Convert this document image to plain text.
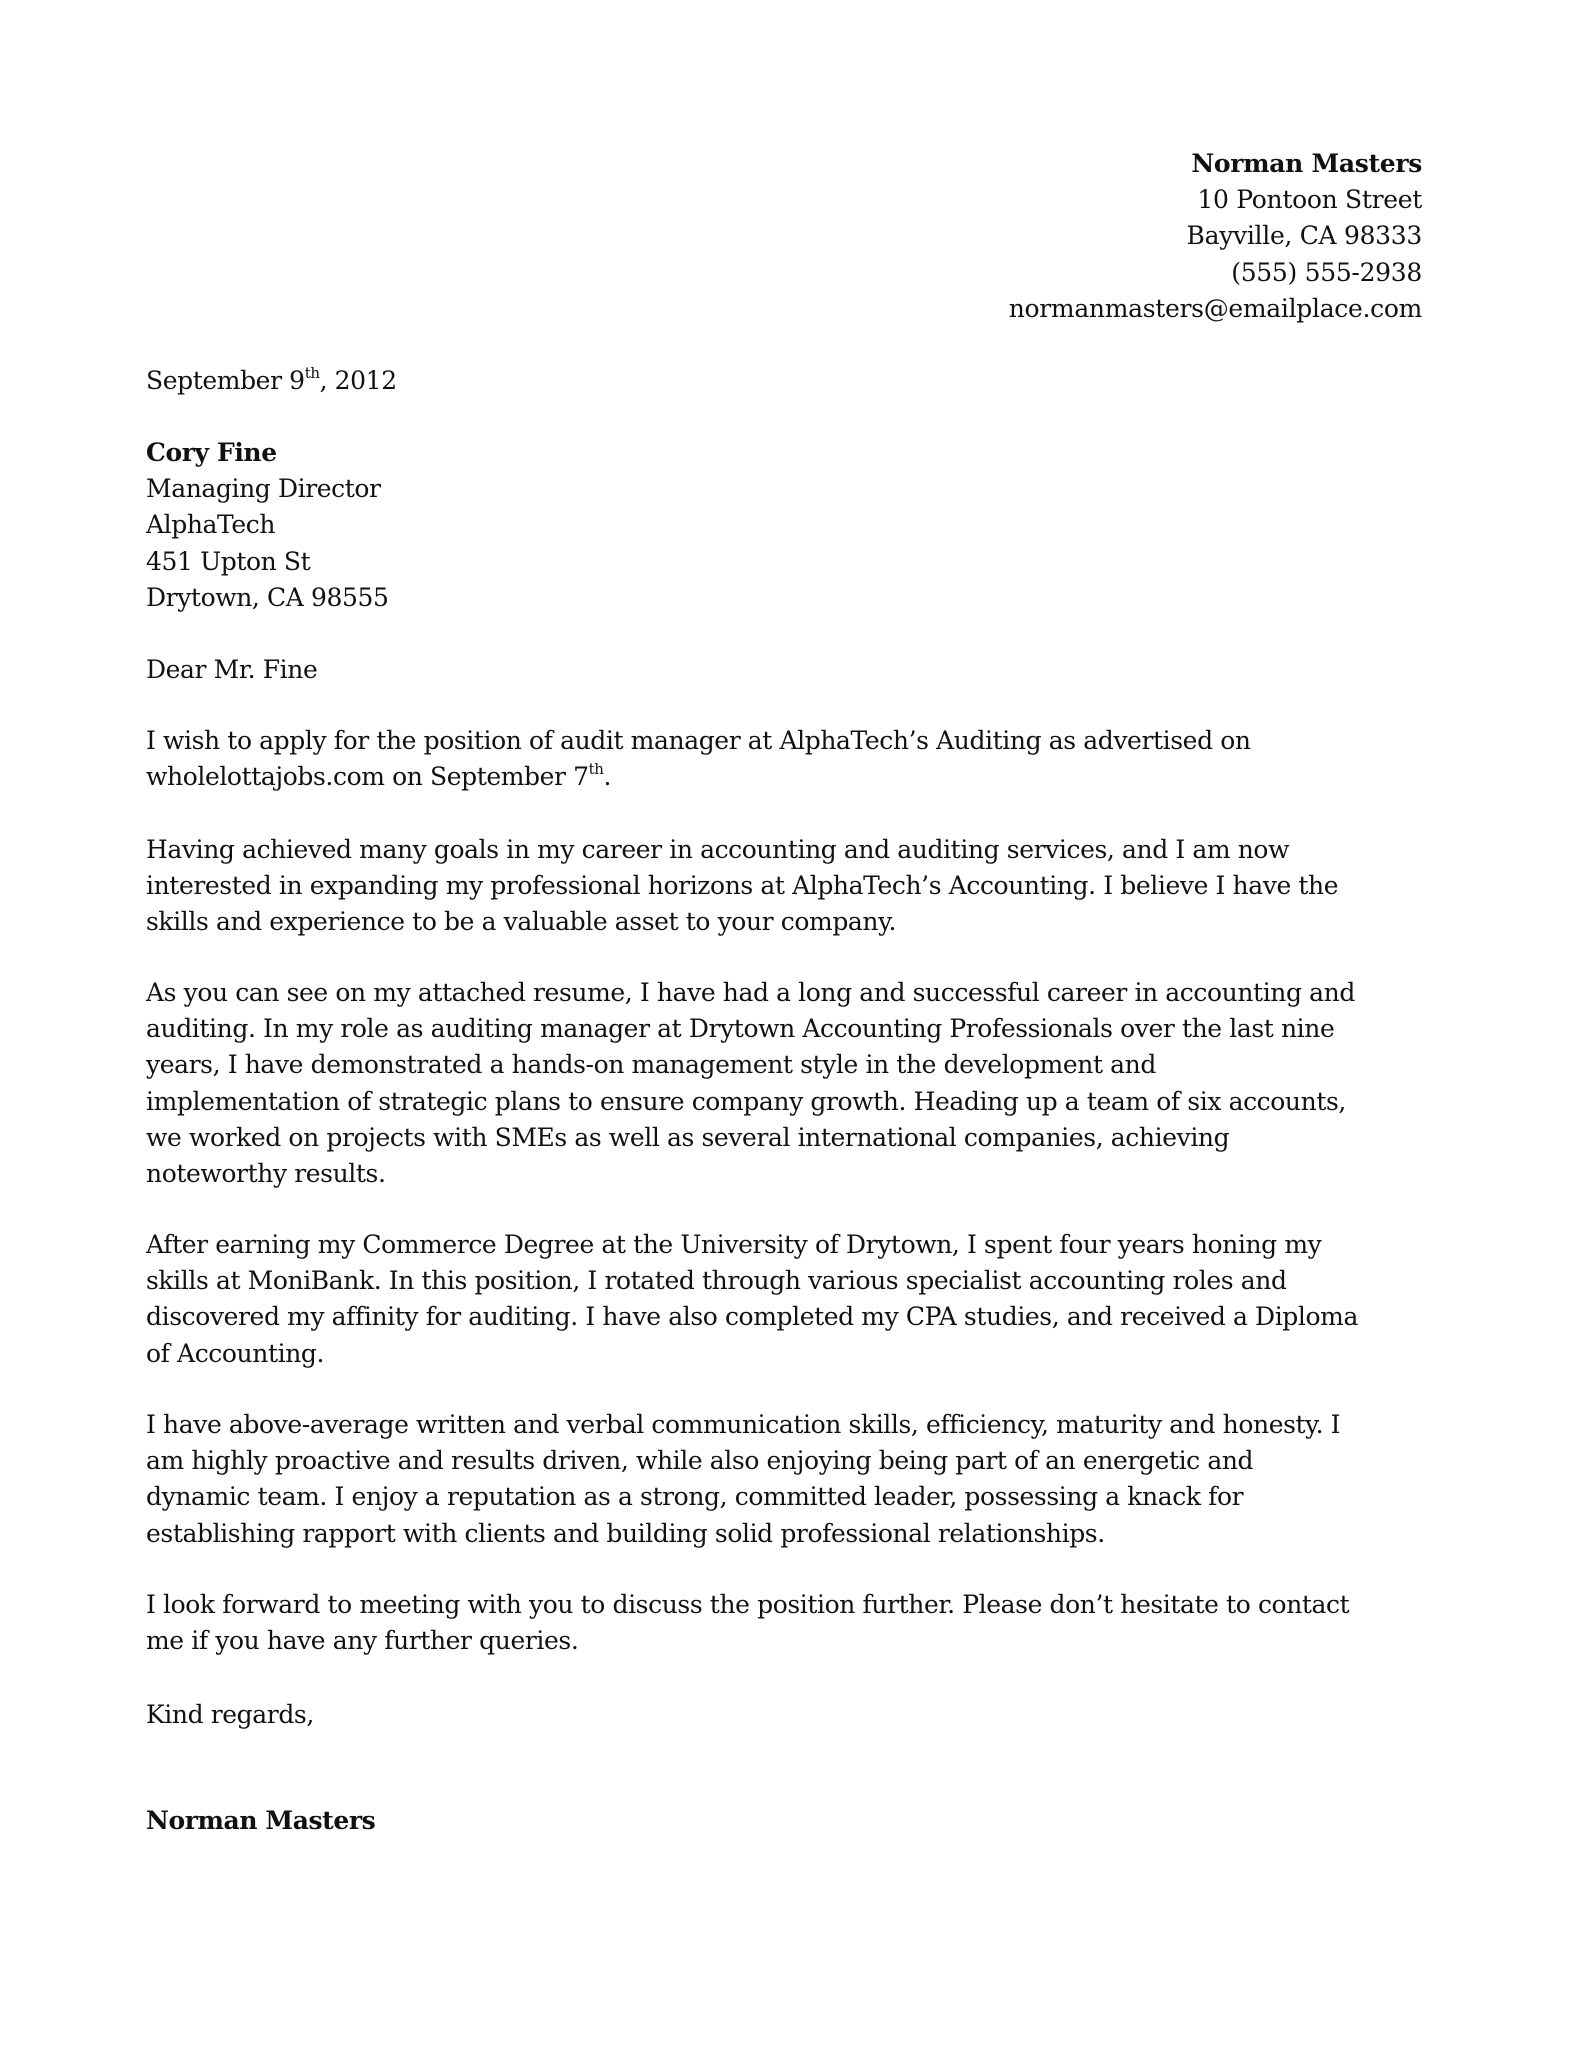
Norman Masters
10 Pontoon Street
Bayville, CA 98333
(555) 555-2938
normanmasters@emailplace.com
September 9th, 2012
Cory Fine
Managing Director
AlphaTech
451 Upton St
Drytown, CA 98555
Dear Mr. Fine
I wish to apply for the position of audit manager at AlphaTech’s Auditing as advertised on
wholelottajobs.com on September 7th.
Having achieved many goals in my career in accounting and auditing services, and I am now
interested in expanding my professional horizons at AlphaTech’s Accounting. I believe I have the
skills and experience to be a valuable asset to your company.
As you can see on my attached resume, I have had a long and successful career in accounting and
auditing. In my role as auditing manager at Drytown Accounting Professionals over the last nine
years, I have demonstrated a hands-on management style in the development and
implementation of strategic plans to ensure company growth. Heading up a team of six accounts,
we worked on projects with SMEs as well as several international companies, achieving
noteworthy results.
After earning my Commerce Degree at the University of Drytown, I spent four years honing my
skills at MoniBank. In this position, I rotated through various specialist accounting roles and
discovered my affinity for auditing. I have also completed my CPA studies, and received a Diploma
of Accounting.
I have above-average written and verbal communication skills, efficiency, maturity and honesty. I
am highly proactive and results driven, while also enjoying being part of an energetic and
dynamic team. I enjoy a reputation as a strong, committed leader, possessing a knack for
establishing rapport with clients and building solid professional relationships.
I look forward to meeting with you to discuss the position further. Please don’t hesitate to contact
me if you have any further queries.
Kind regards,
Norman Masters
